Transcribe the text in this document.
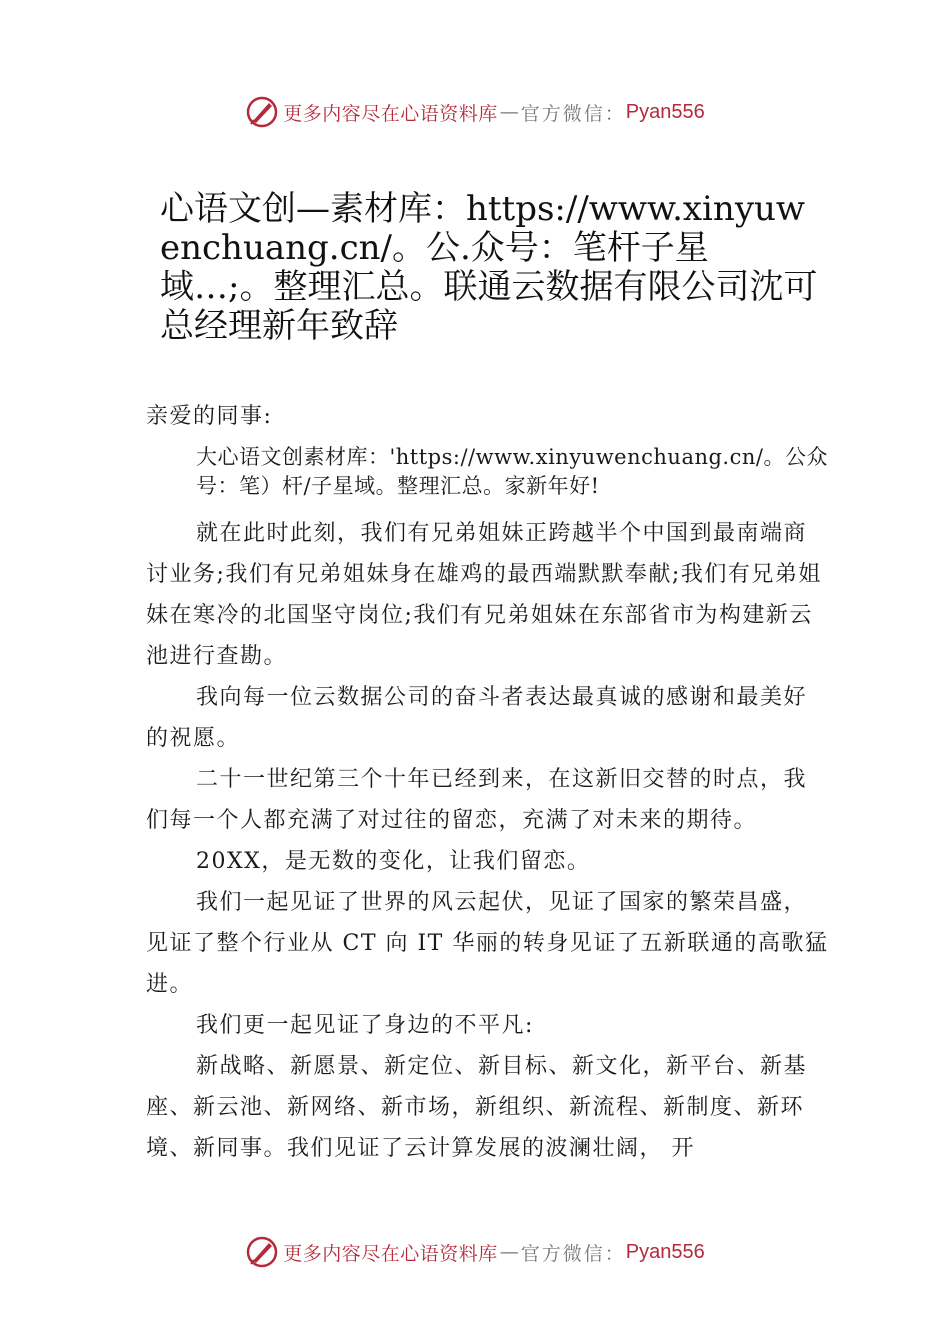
更多内容尽在心语资料库 — 官方微信： Pyan556
心语文创—素材库：https://www.xinyuwenchuang.cn/。公.众号：笔杆子星域…;。整理汇总。联通云数据有限公司沈可总经理新年致辞

亲爱的同事:

大心语文创素材库：'https://www.xinyuwenchuang.cn/。公众号：笔）杆/子星域。整理汇总。家新年好!

就在此时此刻，我们有兄弟姐妹正跨越半个中国到最南端商讨业务;我们有兄弟姐妹身在雄鸡的最西端默默奉献;我们有兄弟姐妹在寒冷的北国坚守岗位;我们有兄弟姐妹在东部省市为构建新云池进行查勘。

我向每一位云数据公司的奋斗者表达最真诚的感谢和最美好的祝愿。

二十一世纪第三个十年已经到来，在这新旧交替的时点，我们每一个人都充满了对过往的留恋，充满了对未来的期待。

20XX，是无数的变化，让我们留恋。

我们一起见证了世界的风云起伏，见证了国家的繁荣昌盛，见证了整个行业从 CT 向 IT 华丽的转身见证了五新联通的高歌猛进。

我们更一起见证了身边的不平凡:

新战略、新愿景、新定位、新目标、新文化，新平台、新基座、新云池、新网络、新市场，新组织、新流程、新制度、新环境、新同事。我们见证了云计算发展的波澜壮阔， 开

更多内容尽在心语资料库 — 官方微信： Pyan556
